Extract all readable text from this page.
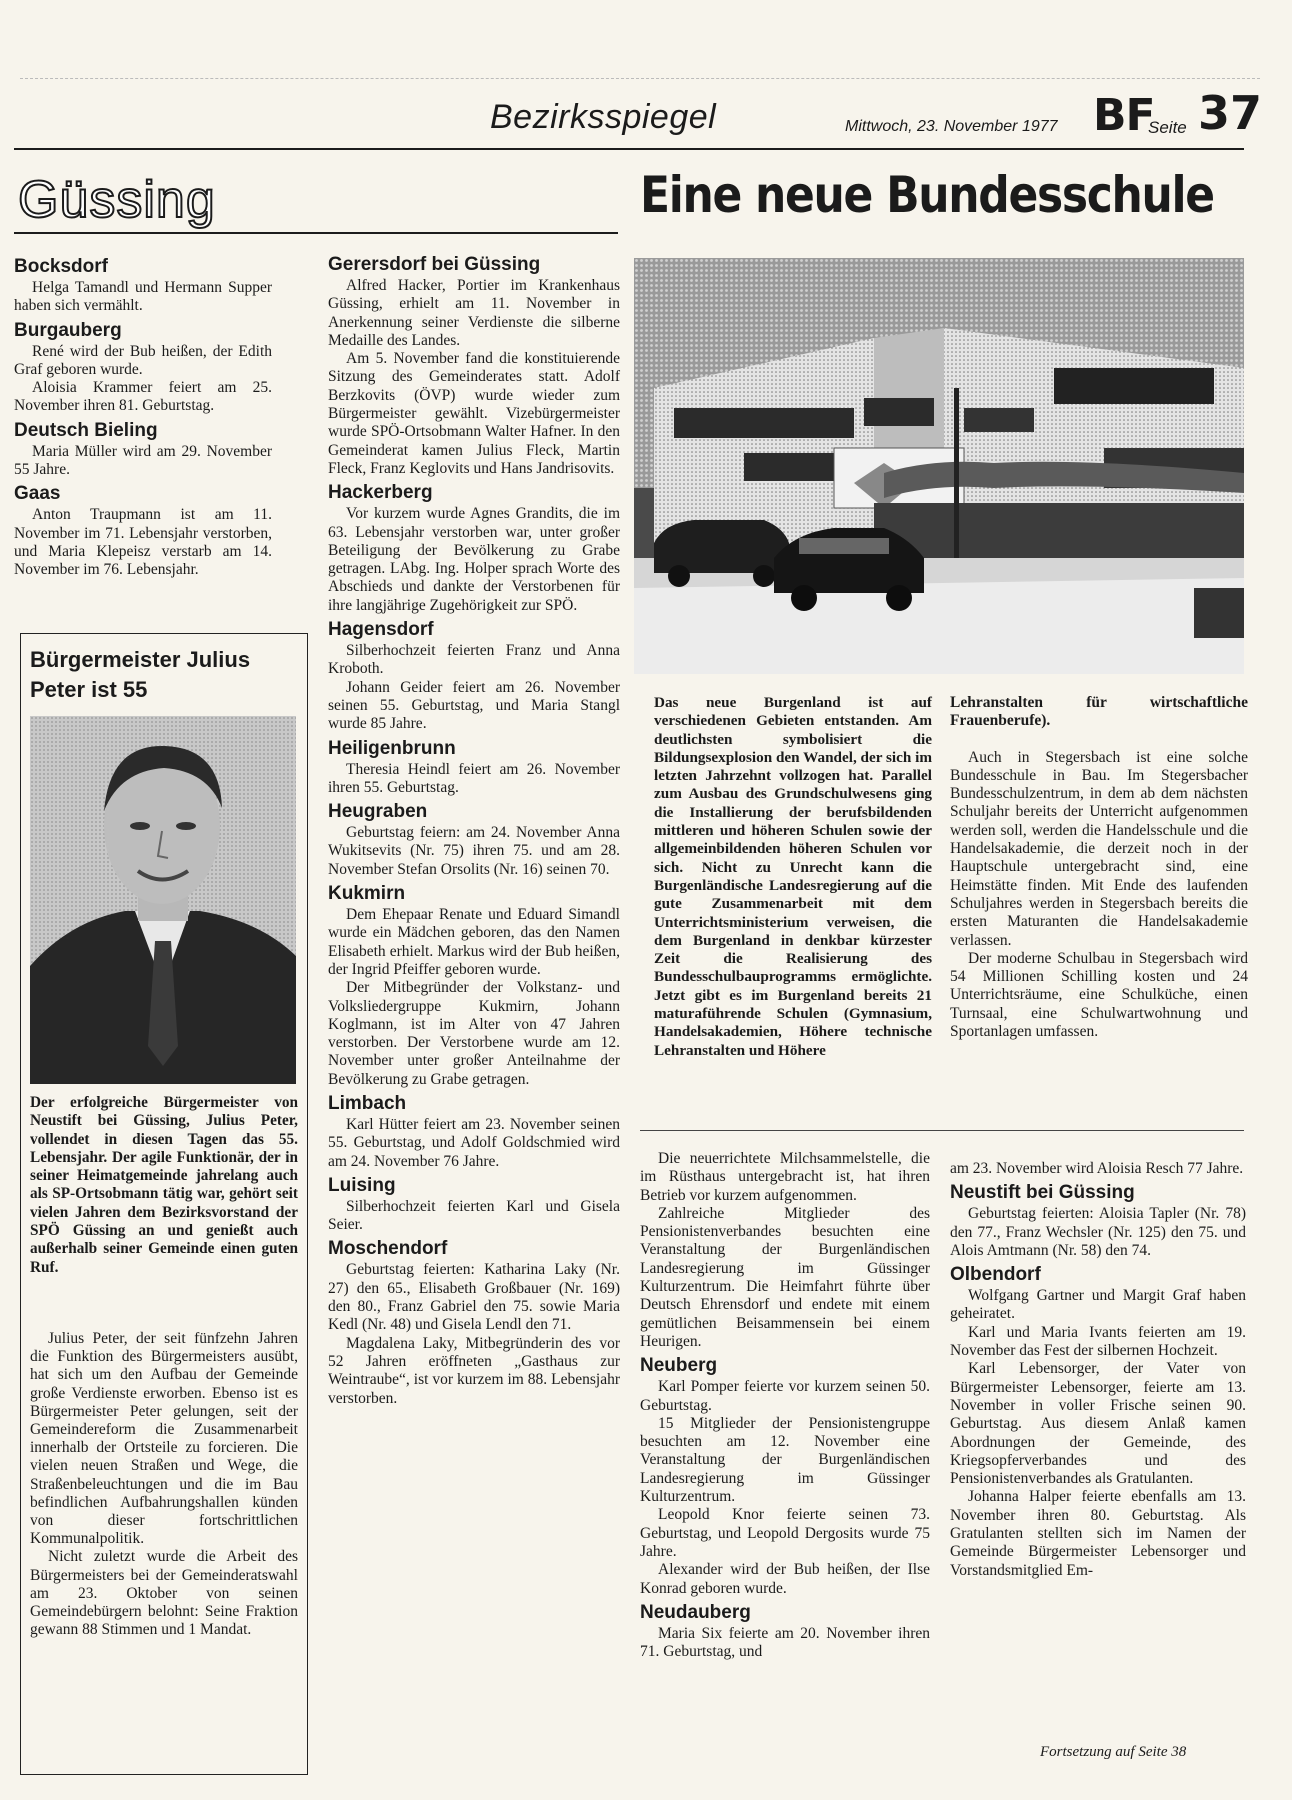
Bezirksspiegel	Mittwoch, 23. November 1977 BF
Seite 37
Güssing	Eine neue Bundesschule
Bocksdorf

Helga Tamandl und Hermann Supper haben sich vermählt.

Burgauberg

René wird der Bub heißen, der Edith Graf geboren wurde.

Aloisia Krammer feiert am 25. November ihren 81. Geburtstag.

Deutsch Bieling

Maria Müller wird am 29. November 55 Jahre.

Gaas

Anton Traupmann ist am 11. November im 71. Lebensjahr verstorben, und Maria Klepeisz verstarb am 14. November im 76. Lebensjahr.

Bürgermeister Julius Peter ist 55
Der erfolgreiche Bürgermeister von Neustift bei Güssing, Julius Peter, vollendet in diesen Tagen das 55. Lebensjahr. Der agile Funktionär, der in seiner Heimatgemeinde jahrelang auch als SP-Ortsobmann tätig war, gehört seit vielen Jahren dem Bezirksvorstand der SPÖ Güssing an und genießt auch außerhalb seiner Gemeinde einen guten Ruf.

Julius Peter, der seit fünfzehn Jahren die Funktion des Bürgermeisters ausübt, hat sich um den Aufbau der Gemeinde große Verdienste erworben. Ebenso ist es Bürgermeister Peter gelungen, seit der Gemeindereform die Zusammenarbeit innerhalb der Ortsteile zu forcieren. Die vielen neuen Straßen und Wege, die Straßenbeleuchtungen und die im Bau befindlichen Aufbahrungshallen künden von dieser fortschrittlichen Kommunalpolitik.

Nicht zuletzt wurde die Arbeit des Bürgermeisters bei der Gemeinderatswahl am 23. Oktober von seinen Gemeindebürgern belohnt: Seine Fraktion gewann 88 Stimmen und 1 Mandat.

Gerersdorf bei Güssing

Alfred Hacker, Portier im Krankenhaus Güssing, erhielt am 11. November in Anerkennung seiner Verdienste die silberne Medaille des Landes.

Am 5. November fand die konstituierende Sitzung des Gemeinderates statt. Adolf Berzkovits (ÖVP) wurde wieder zum Bürgermeister gewählt. Vizebürgermeister wurde SPÖ-Ortsobmann Walter Hafner. In den Gemeinderat kamen Julius Fleck, Martin Fleck, Franz Keglovits und Hans Jandrisovits.

Hackerberg

Vor kurzem wurde Agnes Grandits, die im 63. Lebensjahr verstorben war, unter großer Beteiligung der Bevölkerung zu Grabe getragen. LAbg. Ing. Holper sprach Worte des Abschieds und dankte der Verstorbenen für ihre langjährige Zugehörigkeit zur SPÖ.

Hagensdorf

Silberhochzeit feierten Franz und Anna Kroboth.

Johann Geider feiert am 26. November seinen 55. Geburtstag, und Maria Stangl wurde 85 Jahre.

Heiligenbrunn

Theresia Heindl feiert am 26. November ihren 55. Geburtstag.

Heugraben

Geburtstag feiern: am 24. November Anna Wukitsevits (Nr. 75) ihren 75. und am 28. November Stefan Orsolits (Nr. 16) seinen 70.

Kukmirn

Dem Ehepaar Renate und Eduard Simandl wurde ein Mädchen geboren, das den Namen Elisabeth erhielt. Markus wird der Bub heißen, der Ingrid Pfeiffer geboren wurde.

Der Mitbegründer der Volkstanz- und Volksliedergruppe Kukmirn, Johann Koglmann, ist im Alter von 47 Jahren verstorben. Der Verstorbene wurde am 12. November unter großer Anteilnahme der Bevölkerung zu Grabe getragen.

Limbach

Karl Hütter feiert am 23. November seinen 55. Geburtstag, und Adolf Goldschmied wird am 24. November 76 Jahre.

Luising

Silberhochzeit feierten Karl und Gisela Seier.

Moschendorf

Geburtstag feierten: Katharina Laky (Nr. 27) den 65., Elisabeth Großbauer (Nr. 169) den 80., Franz Gabriel den 75. sowie Maria Kedl (Nr. 48) und Gisela Lendl den 71.

Magdalena Laky, Mitbegründerin des vor 52 Jahren eröffneten „Gasthaus zur Weintraube“, ist vor kurzem im 88. Lebensjahr verstorben.

Das neue Burgenland ist auf verschiedenen Gebieten entstanden. Am deutlichsten symbolisiert die Bildungsexplosion den Wandel, der sich im letzten Jahrzehnt vollzogen hat. Parallel zum Ausbau des Grundschulwesens ging die Installierung der berufsbildenden mittleren und höheren Schulen sowie der allgemeinbildenden höheren Schulen vor sich. Nicht zu Unrecht kann die Burgenländische Landesregierung auf die gute Zusammenarbeit mit dem Unterrichtsministerium verweisen, die dem Burgenland in denkbar kürzester Zeit die Realisierung des Bundesschulbauprogramms ermöglichte. Jetzt gibt es im Burgenland bereits 21 maturaführende Schulen (Gymnasium, Handelsakademien, Höhere technische Lehranstalten und Höhere
Lehranstalten für wirtschaftliche Frauenberufe).

Auch in Stegersbach ist eine solche Bundesschule in Bau. Im Stegersbacher Bundesschulzentrum, in dem ab dem nächsten Schuljahr bereits der Unterricht aufgenommen werden soll, werden die Handelsschule und die Handelsakademie, die derzeit noch in der Hauptschule untergebracht sind, eine Heimstätte finden. Mit Ende des laufenden Schuljahres werden in Stegersbach bereits die ersten Maturanten die Handelsakademie verlassen.

Der moderne Schulbau in Stegersbach wird 54 Millionen Schilling kosten und 24 Unterrichtsräume, eine Schulküche, einen Turnsaal, eine Schulwartwohnung und Sportanlagen umfassen.

Die neuerrichtete Milchsammelstelle, die im Rüsthaus untergebracht ist, hat ihren Betrieb vor kurzem aufgenommen.

Zahlreiche Mitglieder des Pensionistenverbandes besuchten eine Veranstaltung der Burgenländischen Landesregierung im Güssinger Kulturzentrum. Die Heimfahrt führte über Deutsch Ehrensdorf und endete mit einem gemütlichen Beisammensein bei einem Heurigen.

Neuberg

Karl Pomper feierte vor kurzem seinen 50. Geburtstag.

15 Mitglieder der Pensionistengruppe besuchten am 12. November eine Veranstaltung der Burgenländischen Landesregierung im Güssinger Kulturzentrum.

Leopold Knor feierte seinen 73. Geburtstag, und Leopold Dergosits wurde 75 Jahre.

Alexander wird der Bub heißen, der Ilse Konrad geboren wurde.

Neudauberg

Maria Six feierte am 20. November ihren 71. Geburtstag, und

am 23. November wird Aloisia Resch 77 Jahre.

Neustift bei Güssing

Geburtstag feierten: Aloisia Tapler (Nr. 78) den 77., Franz Wechsler (Nr. 125) den 75. und Alois Amtmann (Nr. 58) den 74.

Olbendorf

Wolfgang Gartner und Margit Graf haben geheiratet.

Karl und Maria Ivants feierten am 19. November das Fest der silbernen Hochzeit.

Karl Lebensorger, der Vater von Bürgermeister Lebensorger, feierte am 13. November in voller Frische seinen 90. Geburtstag. Aus diesem Anlaß kamen Abordnungen der Gemeinde, des Kriegsopferverbandes und des Pensionistenverbandes als Gratulanten.

Johanna Halper feierte ebenfalls am 13. November ihren 80. Geburtstag. Als Gratulanten stellten sich im Namen der Gemeinde Bürgermeister Lebensorger und Vorstandsmitglied Em-

Fortsetzung auf Seite 38
